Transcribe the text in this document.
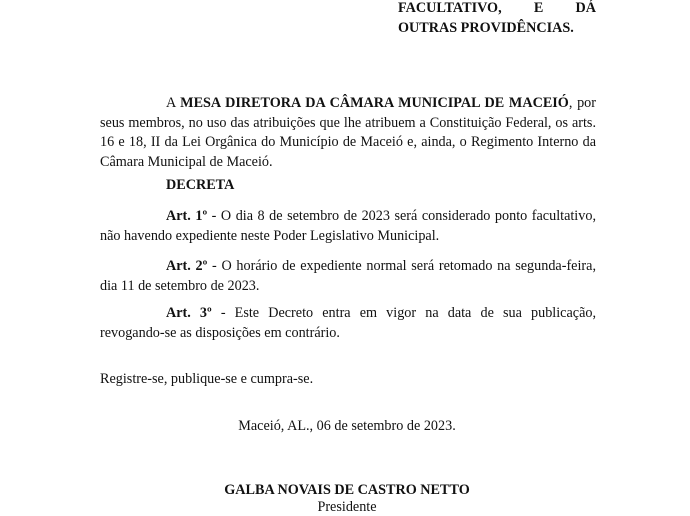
FACULTATIVO, E DÁ
OUTRAS PROVIDÊNCIAS.
A MESA DIRETORA DA CÂMARA MUNICIPAL DE MACEIÓ, por seus membros, no uso das atribuições que lhe atribuem a Constituição Federal, os arts. 16 e 18, II da Lei Orgânica do Município de Maceió e, ainda, o Regimento Interno da Câmara Municipal de Maceió.
DECRETA
Art. 1º - O dia 8 de setembro de 2023 será considerado ponto facultativo, não havendo expediente neste Poder Legislativo Municipal.
Art. 2º - O horário de expediente normal será retomado na segunda-feira, dia 11 de setembro de 2023.
Art. 3º - Este Decreto entra em vigor na data de sua publicação, revogando-se as disposições em contrário.
Registre-se, publique-se e cumpra-se.
Maceió, AL., 06 de setembro de 2023.
GALBA NOVAIS DE CASTRO NETTO
Presidente
